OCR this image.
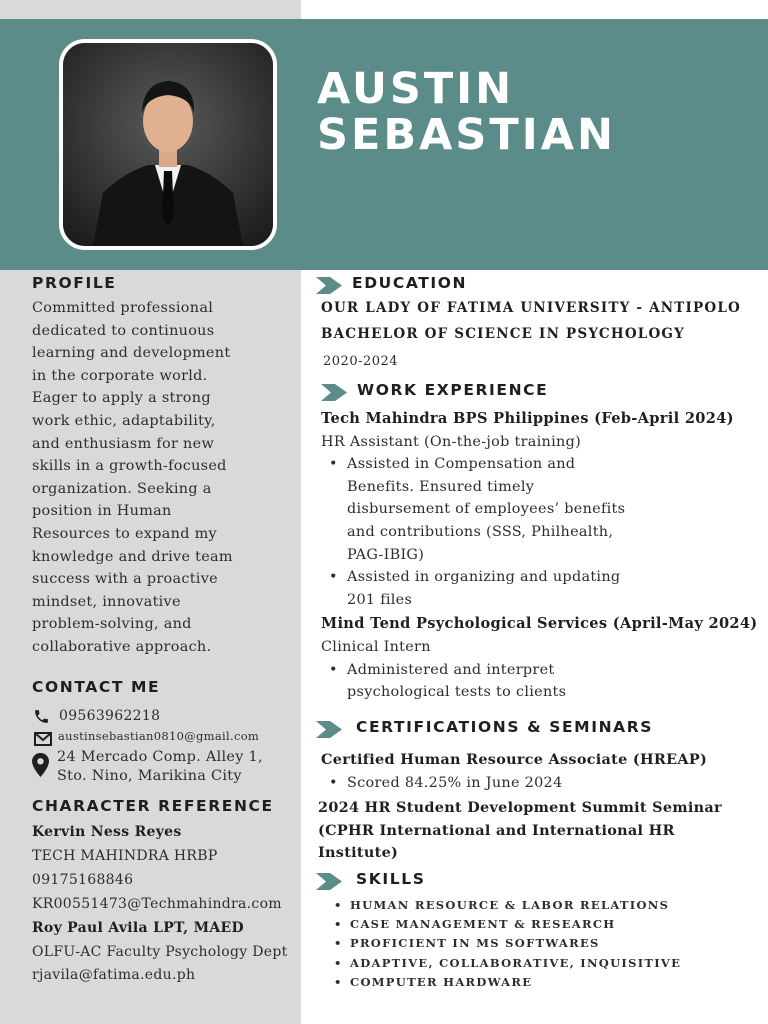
AUSTIN
SEBASTIAN
PROFILE
Committed professional
dedicated to continuous
learning and development
in the corporate world.
Eager to apply a strong
work ethic, adaptability,
and enthusiasm for new
skills in a growth-focused
organization. Seeking a
position in Human
Resources to expand my
knowledge and drive team
success with a proactive
mindset, innovative
problem-solving, and
collaborative approach.
CONTACT ME
09563962218
austinsebastian0810@gmail.com
24 Mercado Comp. Alley 1,
Sto. Nino, Marikina City
CHARACTER REFERENCE
Kervin Ness Reyes
TECH MAHINDRA HRBP
09175168846
KR00551473@Techmahindra.com
Roy Paul Avila LPT, MAED
OLFU-AC Faculty Psychology Dept
rjavila@fatima.edu.ph
EDUCATION
OUR LADY OF FATIMA UNIVERSITY - ANTIPOLO
BACHELOR OF SCIENCE IN PSYCHOLOGY
2020-2024
WORK EXPERIENCE
Tech Mahindra BPS Philippines (Feb-April 2024)
HR Assistant (On-the-job training)
• Assisted in Compensation and
Benefits. Ensured timely
disbursement of employees’ benefits
and contributions (SSS, Philhealth,
PAG-IBIG)
• Assisted in organizing and updating
201 files
Mind Tend Psychological Services (April-May 2024)
Clinical Intern
• Administered and interpret
psychological tests to clients
CERTIFICATIONS & SEMINARS
Certified Human Resource Associate (HREAP)
• Scored 84.25% in June 2024
2024 HR Student Development Summit Seminar
(CPHR International and International HR
Institute)
SKILLS
• HUMAN RESOURCE & LABOR RELATIONS
• CASE MANAGEMENT & RESEARCH
• PROFICIENT IN MS SOFTWARES
• ADAPTIVE, COLLABORATIVE, INQUISITIVE
• COMPUTER HARDWARE
